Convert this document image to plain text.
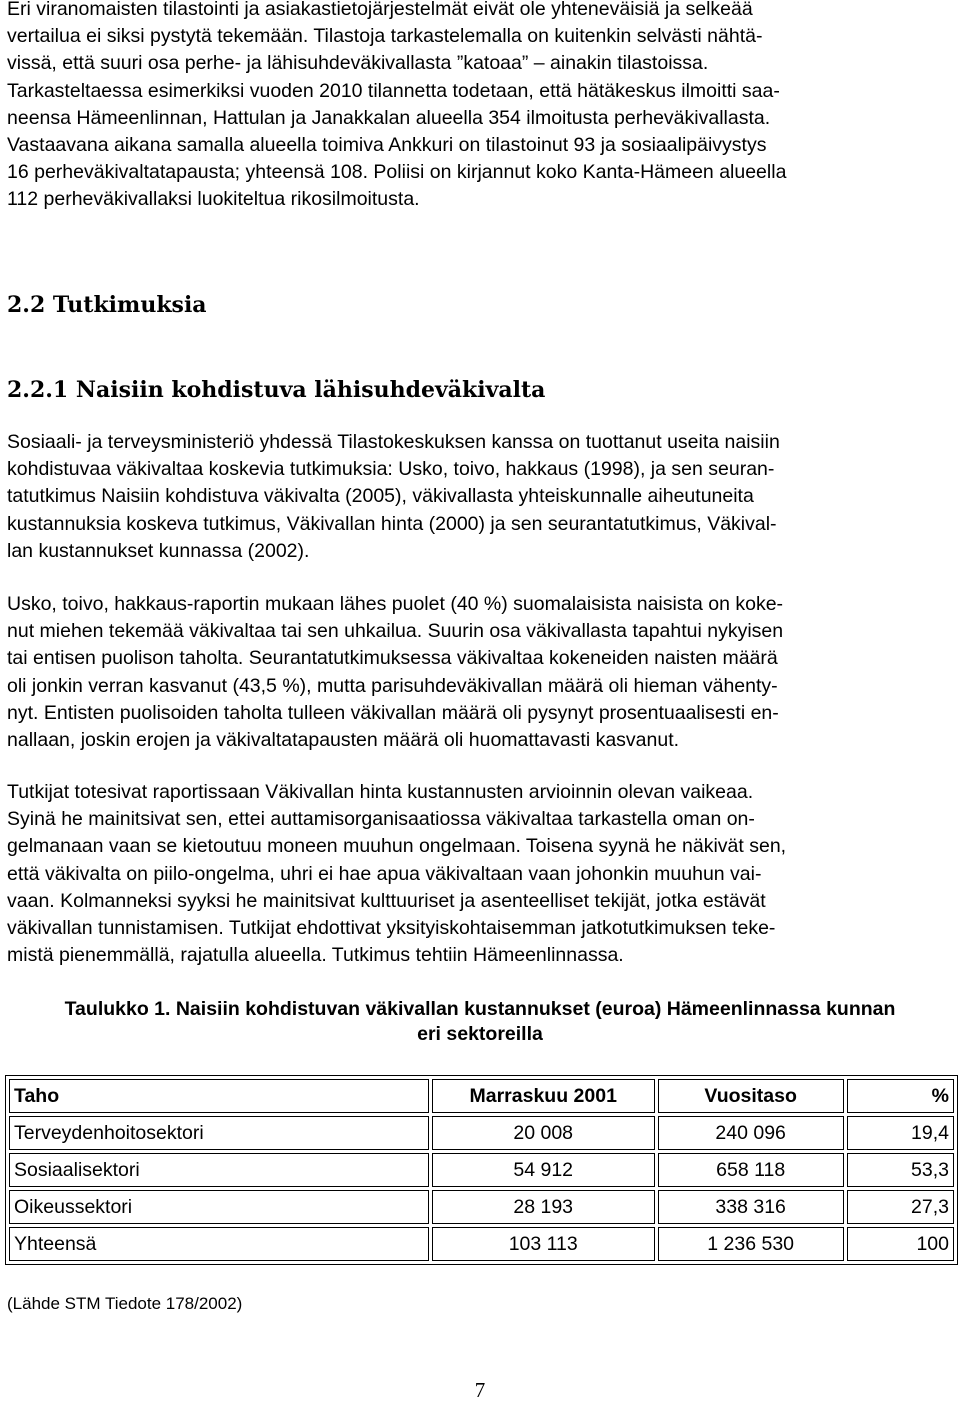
Eri viranomaisten tilastointi ja asiakastietojärjestelmät eivät ole yhteneväisiä ja selkeää
vertailua ei siksi pystytä tekemään. Tilastoja tarkastelemalla on kuitenkin selvästi nähtä-
vissä, että suuri osa perhe- ja lähisuhdeväkivallasta ”katoaa” – ainakin tilastoissa.
Tarkasteltaessa esimerkiksi vuoden 2010 tilannetta todetaan, että hätäkeskus ilmoitti saa-
neensa Hämeenlinnan, Hattulan ja Janakkalan alueella 354 ilmoitusta perheväkivallasta.
Vastaavana aikana samalla alueella toimiva Ankkuri on tilastoinut 93 ja sosiaalipäivystys
16 perheväkivaltatapausta; yhteensä 108. Poliisi on kirjannut koko Kanta-Hämeen alueella
112 perheväkivallaksi luokiteltua rikosilmoitusta.
2.2 Tutkimuksia
2.2.1 Naisiin kohdistuva lähisuhdeväkivalta
Sosiaali- ja terveysministeriö yhdessä Tilastokeskuksen kanssa on tuottanut useita naisiin
kohdistuvaa väkivaltaa koskevia tutkimuksia: Usko, toivo, hakkaus (1998), ja sen seuran-
tatutkimus Naisiin kohdistuva väkivalta (2005), väkivallasta yhteiskunnalle aiheutuneita
kustannuksia koskeva tutkimus, Väkivallan hinta (2000) ja sen seurantatutkimus, Väkival-
lan kustannukset kunnassa (2002).
Usko, toivo, hakkaus-raportin mukaan lähes puolet (40 %) suomalaisista naisista on koke-
nut miehen tekemää väkivaltaa tai sen uhkailua. Suurin osa väkivallasta tapahtui nykyisen
tai entisen puolison taholta. Seurantatutkimuksessa väkivaltaa kokeneiden naisten määrä
oli jonkin verran kasvanut (43,5 %), mutta parisuhdeväkivallan määrä oli hieman vähenty-
nyt. Entisten puolisoiden taholta tulleen väkivallan määrä oli pysynyt prosentuaalisesti en-
nallaan, joskin erojen ja väkivaltatapausten määrä oli huomattavasti kasvanut.
Tutkijat totesivat raportissaan Väkivallan hinta kustannusten arvioinnin olevan vaikeaa.
Syinä he mainitsivat sen, ettei auttamisorganisaatiossa väkivaltaa tarkastella oman on-
gelmanaan vaan se kietoutuu moneen muuhun ongelmaan. Toisena syynä he näkivät sen,
että väkivalta on piilo-ongelma, uhri ei hae apua väkivaltaan vaan johonkin muuhun vai-
vaan. Kolmanneksi syyksi he mainitsivat kulttuuriset ja asenteelliset tekijät, jotka estävät
väkivallan tunnistamisen. Tutkijat ehdottivat yksityiskohtaisemman jatkotutkimuksen teke-
mistä pienemmällä, rajatulla alueella. Tutkimus tehtiin Hämeenlinnassa.
Taulukko 1. Naisiin kohdistuvan väkivallan kustannukset (euroa) Hämeenlinnassa kunnan
eri sektoreilla
Taho	Marraskuu 2001	Vuositaso	%
Terveydenhoitosektori	20 008	240 096	19,4
Sosiaalisektori	54 912	658 118	53,3
Oikeussektori	28 193	338 316	27,3
Yhteensä	103 113	1 236 530	100

(Lähde STM Tiedote 178/2002)

7
